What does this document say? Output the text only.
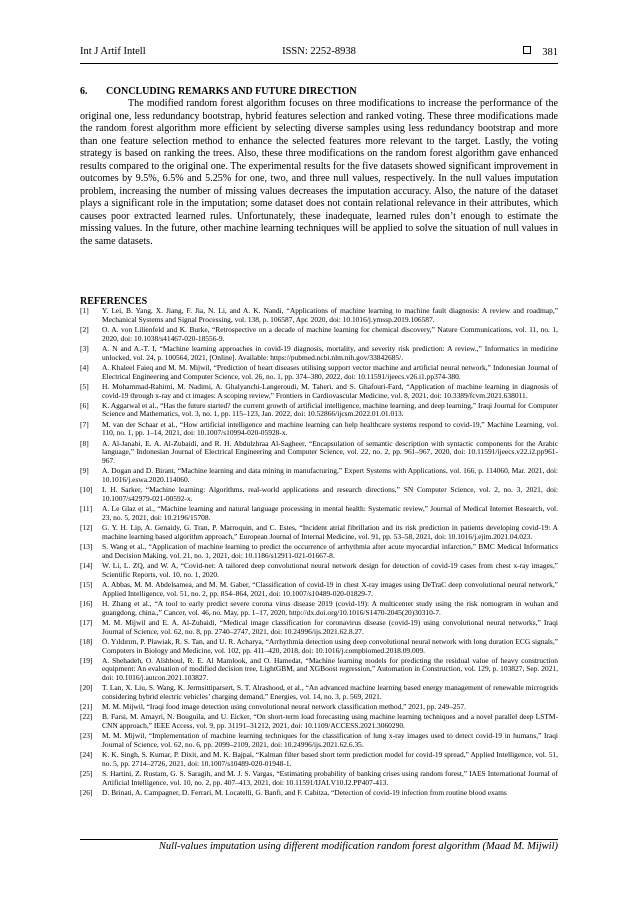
Int J Artif Intell	ISSN: 2252-8938	381
6. CONCLUDING REMARKS AND FUTURE DIRECTION

The modified random forest algorithm focuses on three modifications to increase the performance of the original one, less redundancy bootstrap, hybrid features selection and ranked voting. These three modifications made the random forest algorithm more efficient by selecting diverse samples using less redundancy bootstrap and more than one feature selection method to enhance the selected features more relevant to the target. Lastly, the voting strategy is based on ranking the trees. Also, these three modifications on the random forest algorithm gave enhanced results compared to the original one. The experimental results for the five datasets showed significant improvement in outcomes by 9.5%, 6.5% and 5.25% for one, two, and three null values, respectively. In the null values imputation problem, increasing the number of missing values decreases the imputation accuracy. Also, the nature of the dataset plays a significant role in the imputation; some dataset does not contain relational relevance in their attributes, which causes poor extracted learned rules. Unfortunately, these inadequate, learned rules don’t enough to estimate the missing values. In the future, other machine learning techniques will be applied to solve the situation of null values in the same datasets.

REFERENCES
[1]	Y. Lei, B. Yang, X. Jiang, F. Jia, N. Li, and A. K. Nandi, “Applications of machine learning to machine fault diagnosis: A review and roadmap,” Mechanical Systems and Signal Processing, vol. 138, p. 106587, Apr. 2020, doi: 10.1016/j.ymssp.2019.106587.
[2]	O. A. von Lilienfeld and K. Burke, “Retrospective on a decade of machine learning for chemical discovery,” Nature Communications, vol. 11, no. 1, 2020, doi: 10.1038/s41467-020-18556-9.
[3]	A. N and A.-T. I, “Machine learning approaches in covid-19 diagnosis, mortality, and severity risk prediction: A review.,” Informatics in medicine unlocked, vol. 24, p. 100564, 2021, [Online]. Available: https://pubmed.ncbi.nlm.nih.gov/33842685/.
[4]	A. Khaleel Faieq and M. M. Mijwil, “Prediction of heart diseases utilising support vector machine and artificial neural network,” Indonesian Journal of Electrical Engineering and Computer Science, vol. 26, no. 1, pp. 374–380, 2022, doi: 10.11591/ijeecs.v26.i1.pp374-380.
[5]	H. Mohammad-Rahimi, M. Nadimi, A. Ghalyanchi-Langeroudi, M. Taheri, and S. Ghafouri-Fard, “Application of machine learning in diagnosis of covid-19 through x-ray and ct images: A scoping review,” Frontiers in Cardiovascular Medicine, vol. 8, 2021, doi: 10.3389/fcvm.2021.638011.
[6]	K. Aggarwal et al., “Has the future started? the current growth of artificial intelligence, machine learning, and deep learning,” Iraqi Journal for Computer Science and Mathematics, vol. 3, no. 1, pp. 115–123, Jan. 2022, doi: 10.52866/ijcsm.2022.01.01.013.
[7]	M. van der Schaar et al., “How artificial intelligence and machine learning can help healthcare systems respond to covid-19,” Machine Learning, vol. 110, no. 1, pp. 1–14, 2021, doi: 10.1007/s10994-020-05928-x.
[8]	A. Al-Janabi, E. A. Al-Zubaidi, and R. H. Abdulzhraa Al-Sagheer, “Encapsulation of semantic description with syntactic components for the Arabic language,” Indonesian Journal of Electrical Engineering and Computer Science, vol. 22, no. 2, pp. 961–967, 2020, doi: 10.11591/ijeecs.v22.i2.pp961-967.
[9]	A. Dogan and D. Birant, “Machine learning and data mining in manufacturing,” Expert Systems with Applications, vol. 166, p. 114060, Mar. 2021, doi: 10.1016/j.eswa.2020.114060.
[10]	I. H. Sarker, “Machine learning: Algorithms, real-world applications and research directions,” SN Computer Science, vol. 2, no. 3, 2021, doi: 10.1007/s42979-021-00592-x.
[11]	A. Le Glaz et al., “Machine learning and natural language processing in mental health: Systematic review,” Journal of Medical Internet Research, vol. 23, no. 5, 2021, doi: 10.2196/15708.
[12]	G. Y. H. Lip, A. Genaidy, G. Tran, P. Marroquin, and C. Estes, “Incident atrial fibrillation and its risk prediction in patients developing covid-19: A machine learning based algorithm approach,” European Journal of Internal Medicine, vol. 91, pp. 53–58, 2021, doi: 10.1016/j.ejim.2021.04.023.
[13]	S. Wang et al., “Application of machine learning to predict the occurrence of arrhythmia after acute myocardial infarction,” BMC Medical Informatics and Decision Making, vol. 21, no. 1, 2021, doi: 10.1186/s12911-021-01667-8.
[14]	W. Li, L. ZQ, and W. A, “Covid-net: A tailored deep convolutional neural network design for detection of covid-19 cases from chest x-ray images,” Scientific Reports, vol. 10, no. 1, 2020.
[15]	A. Abbas, M. M. Abdelsamea, and M. M. Gaber, “Classification of covid-19 in chest X-ray images using DeTraC deep convolutional neural network,” Applied Intelligence, vol. 51, no. 2, pp. 854–864, 2021, doi: 10.1007/s10489-020-01829-7.
[16]	H. Zhang et al., “A tool to early predict severe corona virus disease 2019 (covid-19): A multicenter study using the risk nomogram in wuhan and guangdong, china.,” Cancer, vol. 46, no. May, pp. 1–17, 2020, http://dx.doi.org/10.1016/S1470-2045(20)30310-7.
[17]	M. M. Mijwil and E. A. Al-Zubaidi, “Medical image classification for coronavirus disease (covid-19) using convolutional neural networks,” Iraqi Journal of Science, vol. 62, no. 8, pp. 2740–2747, 2021, doi: 10.24996/ijs.2021.62.8.27.
[18]	Ö. Yıldırım, P. Pławiak, R. S. Tan, and U. R. Acharya, “Arrhythmia detection using deep convolutional neural network with long duration ECG signals,” Computers in Biology and Medicine, vol. 102, pp. 411–420, 2018, doi: 10.1016/j.compbiomed.2018.09.009.
[19]	A. Shehadeh, O. Alshboul, R. E. Al Mamlook, and O. Hamedat, “Machine learning models for predicting the residual value of heavy construction equipment: An evaluation of modified decision tree, LightGBM, and XGBoost regression,” Automation in Construction, vol. 129, p. 103827, Sep. 2021, doi: 10.1016/j.autcon.2021.103827.
[20]	T. Lan, X. Liu, S. Wang, K. Jermsittiparsert, S. T. Alrashood, et al., “An advanced machine learning based energy management of renewable microgrids considering hybrid electric vehicles’ charging demand,” Energies, vol. 14, no. 3, p. 569, 2021.
[21]	M. M. Mijwil, “Iraqi food image detection using convolutional neural network classification method,” 2021, pp. 249–257.
[22]	B. Farsi, M. Amayri, N. Bouguila, and U. Eicker, “On short-term load forecasting using machine learning techniques and a novel parallel deep LSTM-CNN approach,” IEEE Access, vol. 9, pp. 31191–31212, 2021, doi: 10.1109/ACCESS.2021.3060290.
[23]	M. M. Mijwil, “Implementation of machine learning techniques for the classification of lung x-ray images used to detect covid-19 in humans,” Iraqi Journal of Science, vol. 62, no. 6, pp. 2099–2109, 2021, doi: 10.24996/ijs.2021.62.6.35.
[24]	K. K. Singh, S. Kumar, P. Dixit, and M. K. Bajpai, “Kalman filter based short term prediction model for covid-19 spread,” Applied Intelligence, vol. 51, no. 5, pp. 2714–2726, 2021, doi: 10.1007/s10489-020-01948-1.
[25]	S. Hartini, Z. Rustam, G. S. Saragih, and M. J. S. Vargas, “Estimating probability of banking crises using random forest,” IAES International Journal of Artificial Intelligence, vol. 10, no. 2, pp. 407–413, 2021, doi: 10.11591/IJAI.V10.I2.PP407-413.
[26]	D. Brinati, A. Campagner, D. Ferrari, M. Locatelli, G. Banfi, and F. Cabitza, “Detection of covid-19 infection from routine blood exams
Null-values imputation using different modification random forest algorithm (Maad M. Mijwil)
